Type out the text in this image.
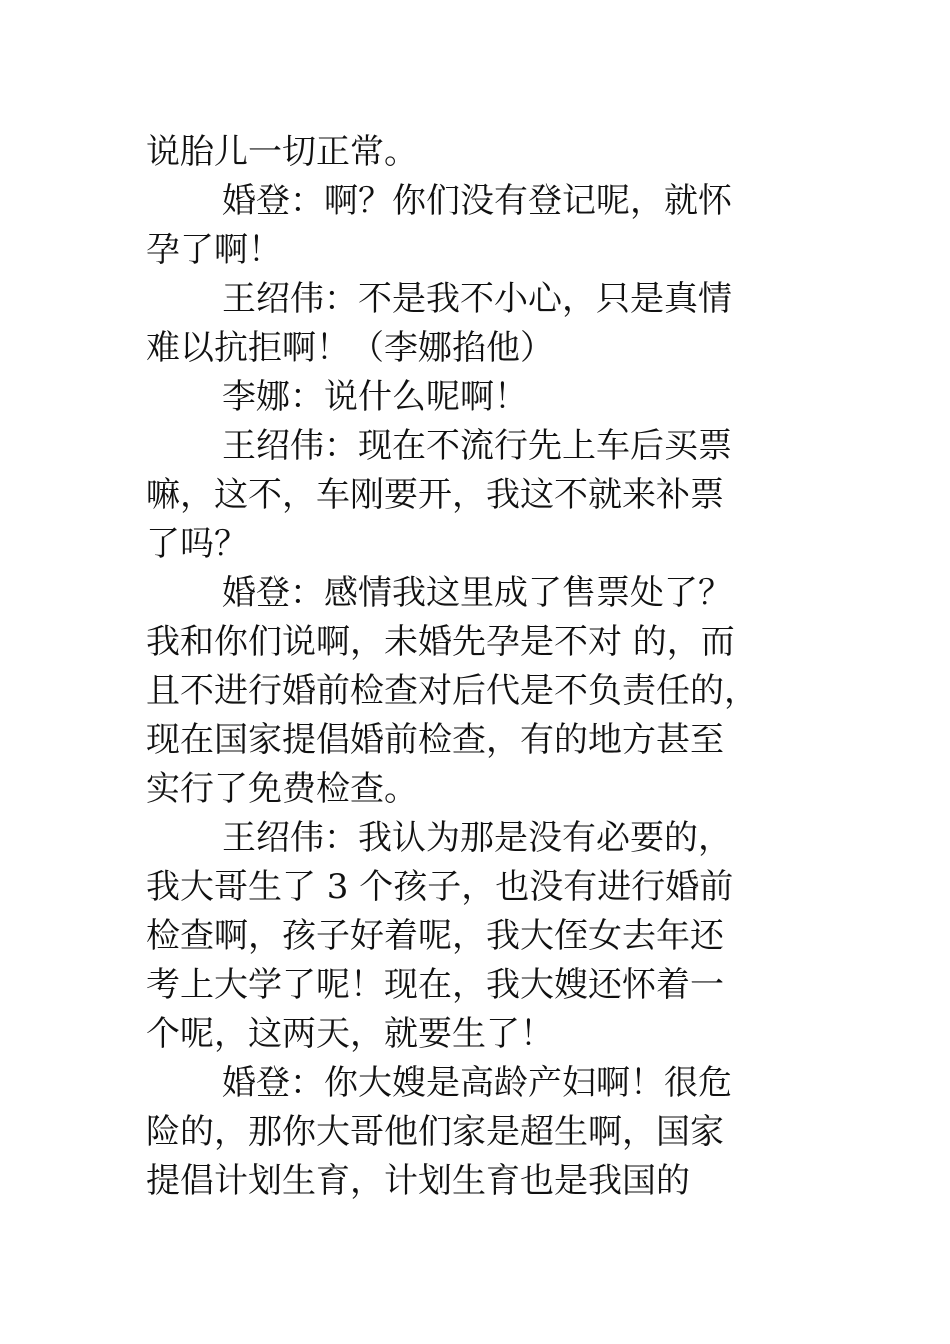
说胎儿一切正常。
婚登：啊？你们没有登记呢，就怀
孕了啊！
王绍伟：不是我不小心，只是真情
难以抗拒啊！（李娜掐他）
李娜：说什么呢啊！
王绍伟：现在不流行先上车后买票
嘛，这不，车刚要开，我这不就来补票
了吗？
婚登：感情我这里成了售票处了？
我和你们说啊，未婚先孕是不对 的，而
且不进行婚前检查对后代是不负责任的，
现在国家提倡婚前检查，有的地方甚至
实行了免费检查。
王绍伟：我认为那是没有必要的，
我大哥生了 3 个孩子，也没有进行婚前
检查啊，孩子好着呢，我大侄女去年还
考上大学了呢！现在，我大嫂还怀着一
个呢，这两天，就要生了！
婚登：你大嫂是高龄产妇啊！很危
险的，那你大哥他们家是超生啊，国家
提倡计划生育，计划生育也是我国的
